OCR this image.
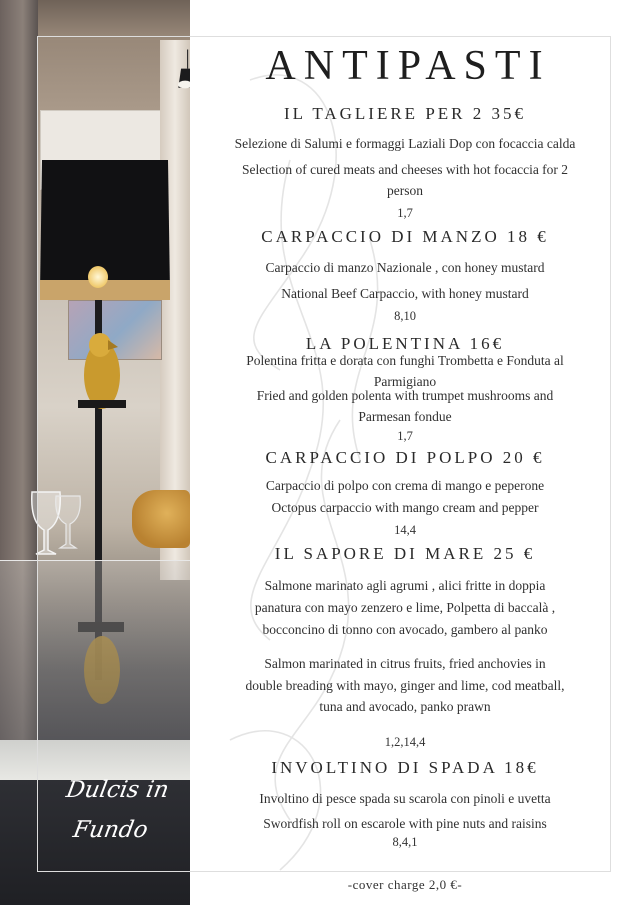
Dulcis in
Fundo
ANTIPASTI
IL TAGLIERE PER 2 35€
Selezione di Salumi e formaggi Laziali Dop con focaccia calda
Selection of cured meats and cheeses with hot focaccia for 2
person
1,7
CARPACCIO DI MANZO 18 €
Carpaccio di manzo Nazionale , con honey mustard
National Beef Carpaccio, with honey mustard
8,10
LA POLENTINA 16€
Polentina fritta e dorata con funghi Trombetta e Fonduta al
Parmigiano
Fried and golden polenta with trumpet mushrooms and
Parmesan fondue
1,7
CARPACCIO DI POLPO 20 €
Carpaccio di polpo con crema di mango e peperone
Octopus carpaccio with mango cream and pepper
14,4
IL SAPORE DI MARE 25 €
Salmone marinato agli agrumi , alici fritte in doppia
panatura con mayo zenzero e lime, Polpetta di baccalà ,
bocconcino di tonno con avocado, gambero al panko
Salmon marinated in citrus fruits, fried anchovies in
double breading with mayo, ginger and lime, cod meatball,
tuna and avocado, panko prawn
1,2,14,4
INVOLTINO DI SPADA 18€
Involtino di pesce spada su scarola con pinoli e uvetta
Swordfish roll on escarole with pine nuts and raisins
8,4,1
-cover charge 2,0 €-
